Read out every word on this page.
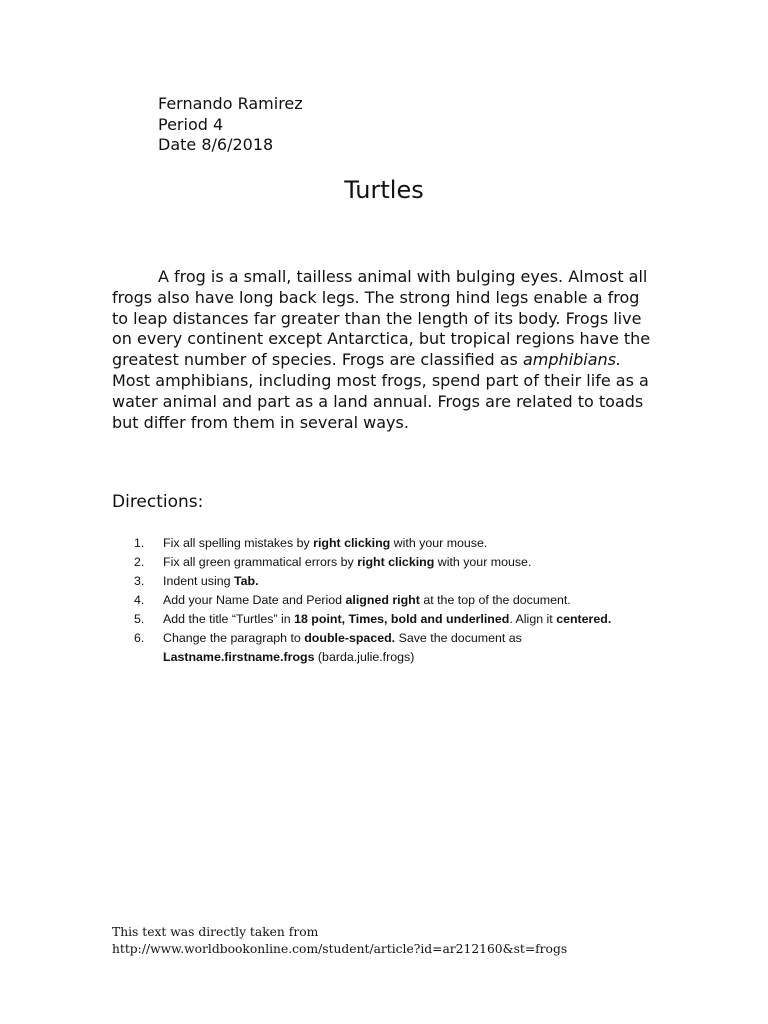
Fernando Ramirez
Period 4
Date 8/6/2018
Turtles

A frog is a small, tailless animal with bulging eyes. Almost all frogs also have long back legs. The strong hind legs enable a frog to leap distances far greater than the length of its body. Frogs live on every continent except Antarctica, but tropical regions have the greatest number of species. Frogs are classified as amphibians. Most amphibians, including most frogs, spend part of their life as a water animal and part as a land annual. Frogs are related to toads but differ from them in several ways.

Directions:
1. Fix all spelling mistakes by right clicking with your mouse.
2. Fix all green grammatical errors by right clicking with your mouse.
3. Indent using Tab.
4. Add your Name Date and Period aligned right at the top of the document.
5. Add the title “Turtles” in 18 point, Times, bold and underlined. Align it centered.
6. Change the paragraph to double-spaced. Save the document as Lastname.firstname.frogs (barda.julie.frogs)
This text was directly taken from
http://www.worldbookonline.com/student/article?id=ar212160&st=frogs
